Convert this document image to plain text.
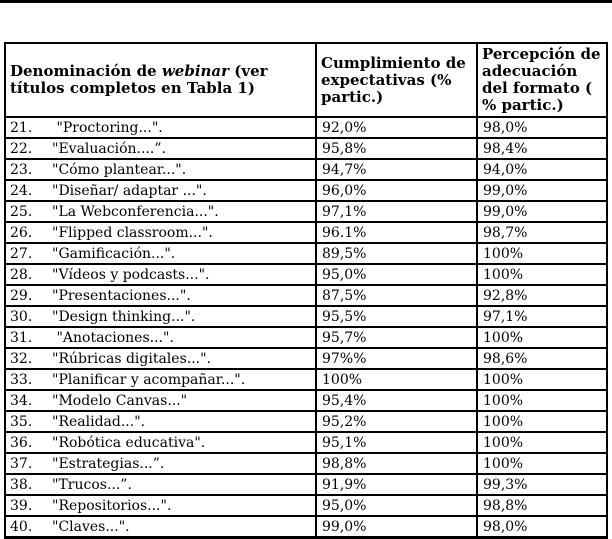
Denominación de webinar (ver títulos completos en Tabla 1)	Cumplimiento de expectativas (% partic.)	Percepción de adecuación del formato ( % partic.)
21. "Proctoring...".	92,0%	98,0%
22. "Evaluación....”.	95,8%	98,4%
23. "Cómo plantear...".	94,7%	94,0%
24. "Diseñar/ adaptar ...".	96,0%	99,0%
25. "La Webconferencia...".	97,1%	99,0%
26. "Flipped classroom...".	96.1%	98,7%
27. "Gamificación...".	89,5%	100%
28. "Vídeos y podcasts...".	95,0%	100%
29. "Presentaciones...".	87,5%	92,8%
30. "Design thinking...".	95,5%	97,1%
31. "Anotaciones...".	95,7%	100%
32. "Rúbricas digitales...".	97%%	98,6%
33. "Planificar y acompañar...".	100%	100%
34. "Modelo Canvas..."	95,4%	100%
35. "Realidad...".	95,2%	100%
36. "Robótica educativa".	95,1%	100%
37. "Estrategias...”.	98,8%	100%
38. "Trucos...”.	91,9%	99,3%
39. "Repositorios...".	95,0%	98,8%
40. "Claves...".	99,0%	98,0%
